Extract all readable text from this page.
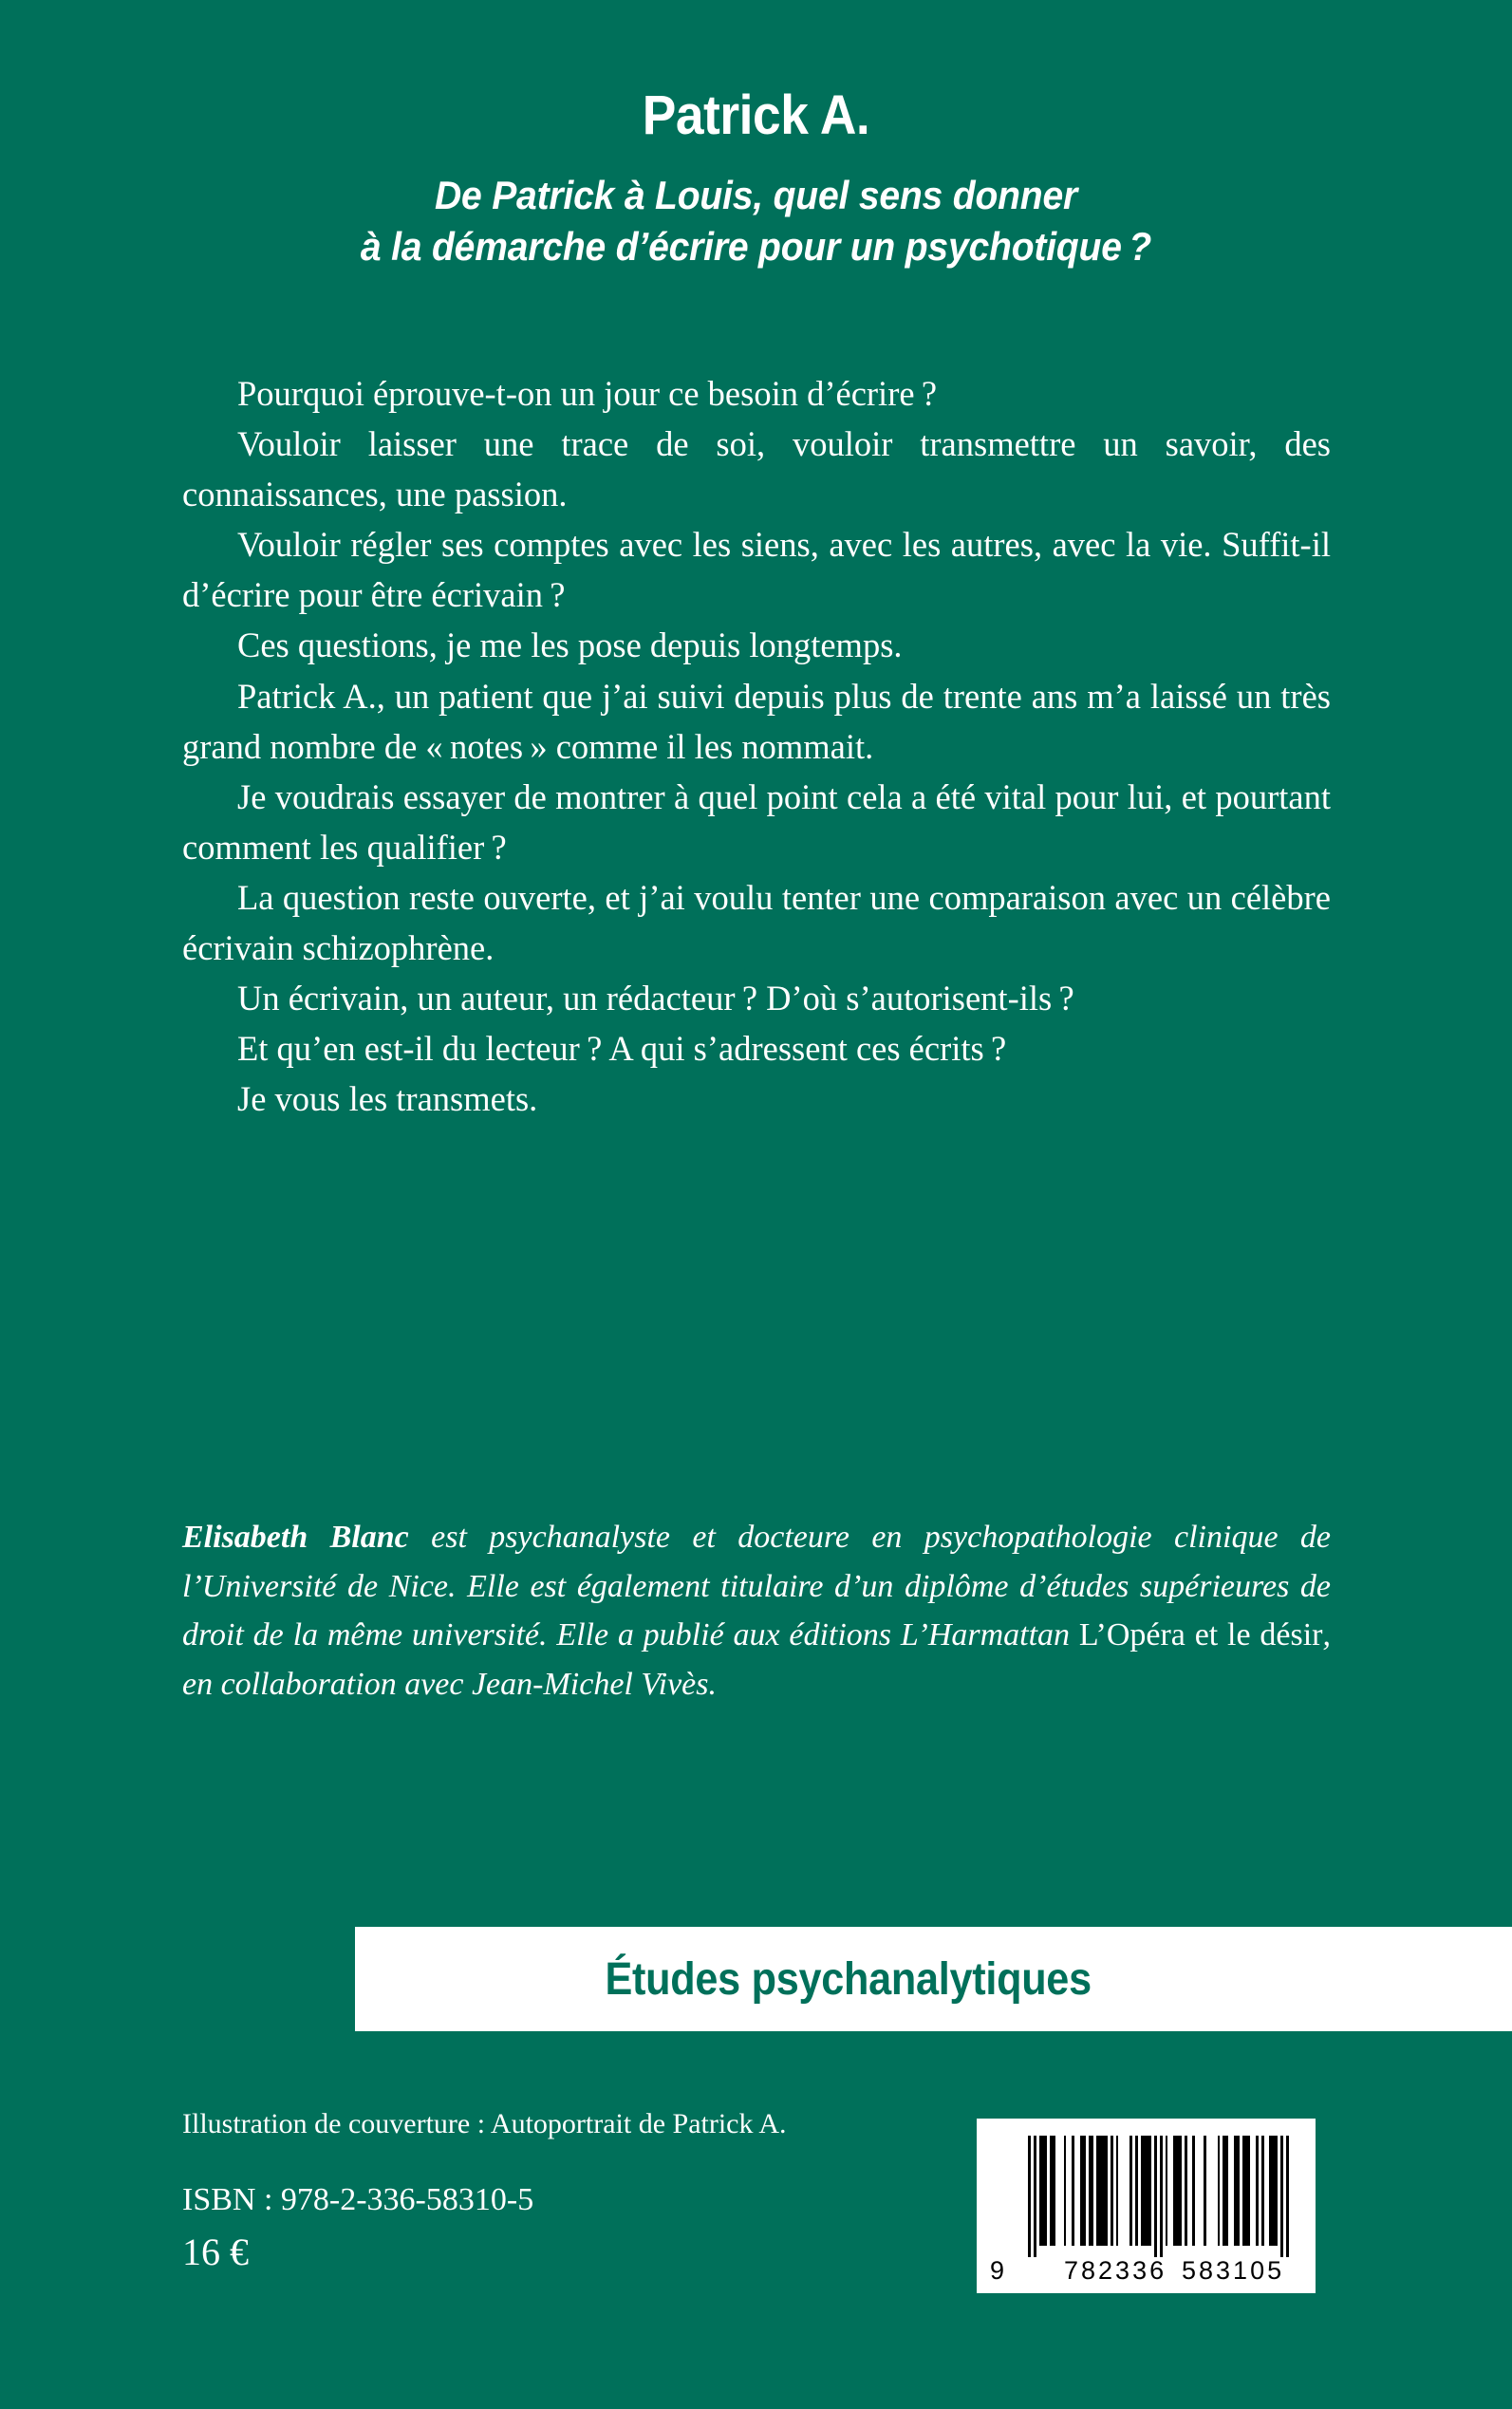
Patrick A.
De Patrick à Louis, quel sens donner
à la démarche d’écrire pour un psychotique ?

Pourquoi éprouve-t-on un jour ce besoin d’écrire ?

Vouloir laisser une trace de soi, vouloir transmettre un savoir, des connaissances, une passion.

Vouloir régler ses comptes avec les siens, avec les autres, avec la vie. Suffit-il d’écrire pour être écrivain ?

Ces questions, je me les pose depuis longtemps.

Patrick A., un patient que j’ai suivi depuis plus de trente ans m’a laissé un très grand nombre de « notes » comme il les nommait.

Je voudrais essayer de montrer à quel point cela a été vital pour lui, et pourtant comment les qualifier ?

La question reste ouverte, et j’ai voulu tenter une comparaison avec un célèbre écrivain schizophrène.

Un écrivain, un auteur, un rédacteur ? D’où s’autorisent-ils ?

Et qu’en est-il du lecteur ? A qui s’adressent ces écrits ?

Je vous les transmets.

Elisabeth Blanc est psychanalyste et docteure en psychopathologie clinique de l’Université de Nice. Elle est également titulaire d’un diplôme d’études supérieures de droit de la même université. Elle a publié aux éditions L’Harmattan L’Opéra et le désir, en collaboration avec Jean-Michel Vivès.

Études psychanalytiques

Illustration de couverture : Autoportrait de Patrick A.

ISBN : 978-2-336-58310-5

16 €	9 782336 583105
